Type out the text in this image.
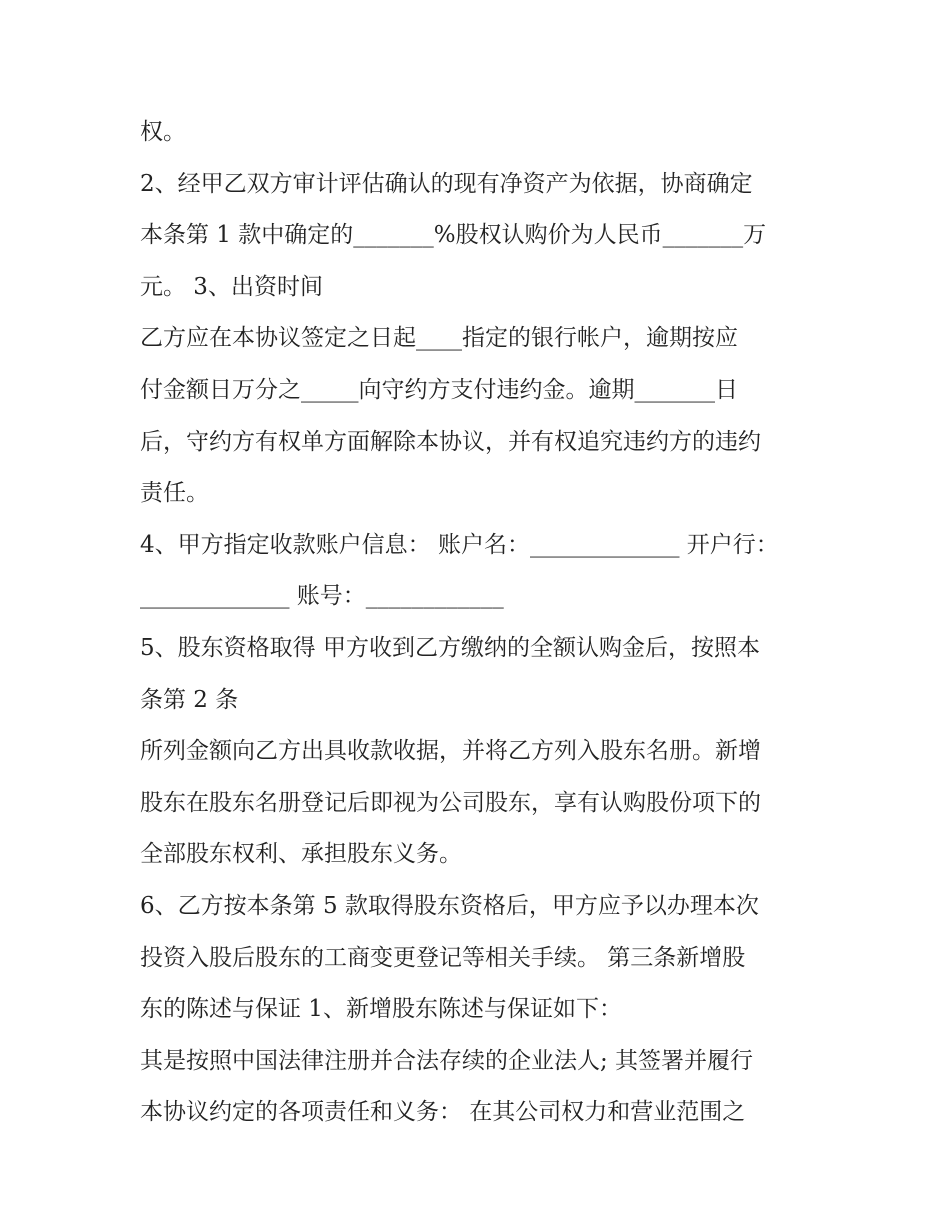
权。
2、经甲乙双方审计评估确认的现有净资产为依据，协商确定
本条第 1 款中确定的_______%股权认购价为人民币_______万
元。 3、出资时间
乙方应在本协议签定之日起____指定的银行帐户，逾期按应
付金额日万分之_____向守约方支付违约金。逾期_______日
后，守约方有权单方面解除本协议，并有权追究违约方的违约
责任。
4、甲方指定收款账户信息： 账户名：_____________ 开户行：
_____________ 账号：____________
5、股东资格取得 甲方收到乙方缴纳的全额认购金后，按照本
条第 2 条
所列金额向乙方出具收款收据，并将乙方列入股东名册。新增
股东在股东名册登记后即视为公司股东，享有认购股份项下的
全部股东权利、承担股东义务。
6、乙方按本条第 5 款取得股东资格后，甲方应予以办理本次
投资入股后股东的工商变更登记等相关手续。 第三条新增股
东的陈述与保证 1、新增股东陈述与保证如下：
其是按照中国法律注册并合法存续的企业法人; 其签署并履行
本协议约定的各项责任和义务： 在其公司权力和营业范围之
